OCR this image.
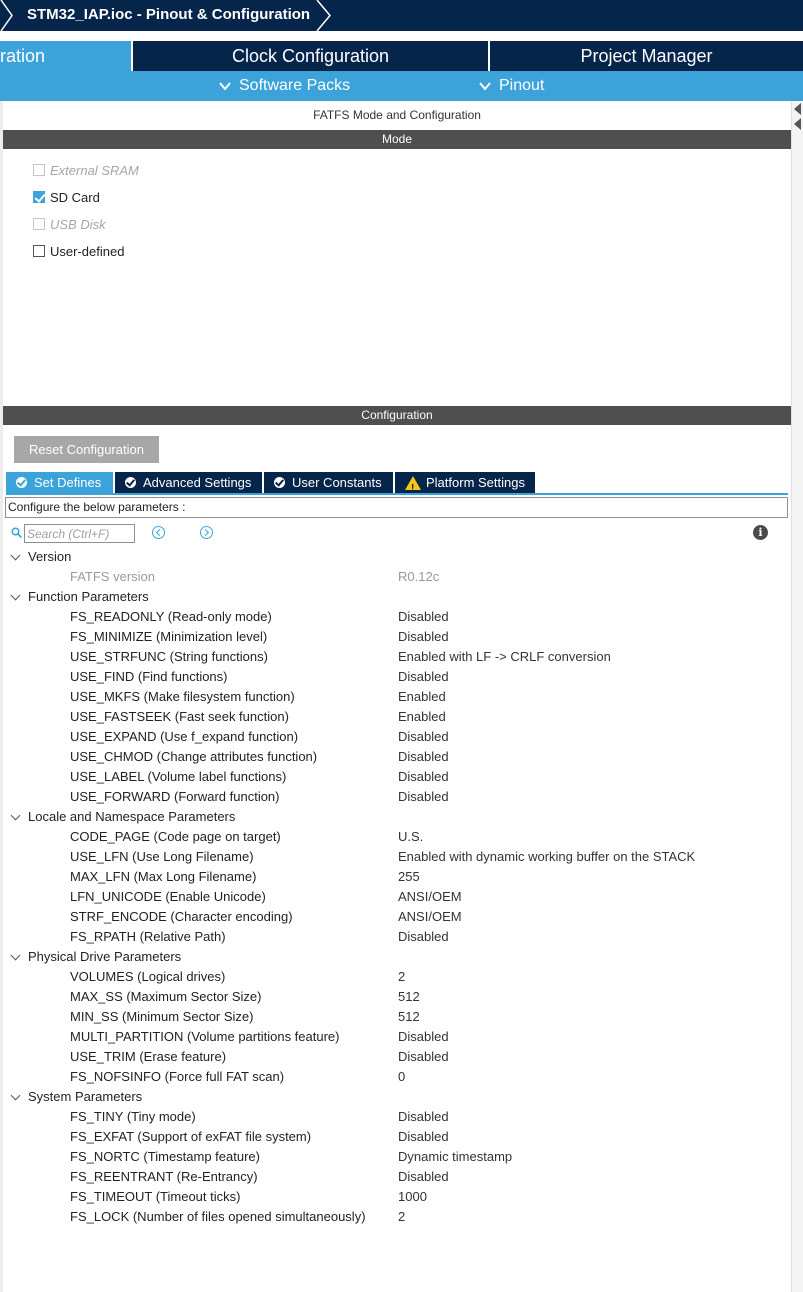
STM32_IAP.ioc - Pinout & Configuration
ration	Clock Configuration	Project Manager
Software Packs	Pinout
FATFS Mode and Configuration
Mode
External SRAM
SD Card
USB Disk
User-defined
Configuration
Reset Configuration
Set Defines	Advanced Settings	User Constants !	Platform Settings
Configure the below parameters :
Search (Ctrl+F)
i
Version
FATFS version	R0.12c
Function Parameters
FS_READONLY (Read-only mode)	Disabled
FS_MINIMIZE (Minimization level)	Disabled
USE_STRFUNC (String functions)	Enabled with LF -> CRLF conversion
USE_FIND (Find functions)	Disabled
USE_MKFS (Make filesystem function)	Enabled
USE_FASTSEEK (Fast seek function)	Enabled
USE_EXPAND (Use f_expand function)	Disabled
USE_CHMOD (Change attributes function)	Disabled
USE_LABEL (Volume label functions)	Disabled
USE_FORWARD (Forward function)	Disabled
Locale and Namespace Parameters
CODE_PAGE (Code page on target)	U.S.
USE_LFN (Use Long Filename)	Enabled with dynamic working buffer on the STACK
MAX_LFN (Max Long Filename)	255
LFN_UNICODE (Enable Unicode)	ANSI/OEM
STRF_ENCODE (Character encoding)	ANSI/OEM
FS_RPATH (Relative Path)	Disabled
Physical Drive Parameters
VOLUMES (Logical drives)	2
MAX_SS (Maximum Sector Size)	512
MIN_SS (Minimum Sector Size)	512
MULTI_PARTITION (Volume partitions feature)	Disabled
USE_TRIM (Erase feature)	Disabled
FS_NOFSINFO (Force full FAT scan)	0
System Parameters
FS_TINY (Tiny mode)	Disabled
FS_EXFAT (Support of exFAT file system)	Disabled
FS_NORTC (Timestamp feature)	Dynamic timestamp
FS_REENTRANT (Re-Entrancy)	Disabled
FS_TIMEOUT (Timeout ticks)	1000
FS_LOCK (Number of files opened simultaneously) 2
